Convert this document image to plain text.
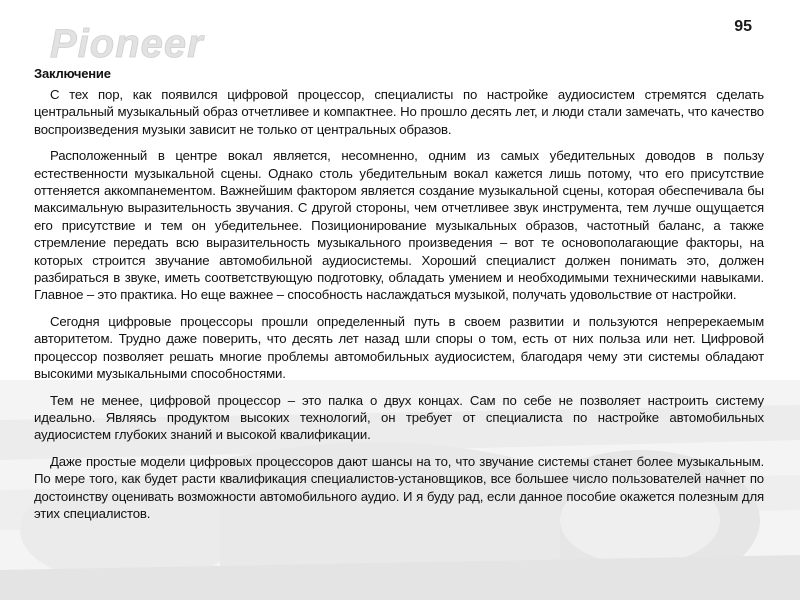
Pioneer	95
Заключение

С тех пор, как появился цифровой процессор, специалисты по настройке аудиосистем стремятся сделать центральный музыкальный образ отчетливее и компактнее. Но прошло десять лет, и люди стали замечать, что качество воспроизведения музыки зависит не только от центральных образов.

Расположенный в центре вокал является, несомненно, одним из самых убедительных доводов в пользу естественности музыкальной сцены. Однако столь убедительным вокал кажется лишь потому, что его присутствие оттеняется аккомпанементом. Важнейшим фактором является создание музыкальной сцены, которая обеспечивала бы максимальную выразительность звучания. С другой стороны, чем отчетливее звук инструмента, тем лучше ощущается его присутствие и тем он убедительнее. Позиционирование музыкальных образов, частотный баланс, а также стремление передать всю выразительность музыкального произведения – вот те основополагающие факторы, на которых строится звучание автомобильной аудиосистемы. Хороший специалист должен понимать это, должен разбираться в звуке, иметь соответствующую подготовку, обладать умением и необходимыми техническими навыками. Главное – это практика. Но еще важнее – способность наслаждаться музыкой, получать удовольствие от настройки.

Сегодня цифровые процессоры прошли определенный путь в своем развитии и пользуются непререкаемым авторитетом. Трудно даже поверить, что десять лет назад шли споры о том, есть от них польза или нет. Цифровой процессор позволяет решать многие проблемы автомобильных аудиосистем, благодаря чему эти системы обладают высокими музыкальными способностями.

Тем не менее, цифровой процессор – это палка о двух концах. Сам по себе не позволяет настроить систему идеально. Являясь продуктом высоких технологий, он требует от специалиста по настройке автомобильных аудиосистем глубоких знаний и высокой квалификации.

Даже простые модели цифровых процессоров дают шансы на то, что звучание системы станет более музыкальным. По мере того, как будет расти квалификация специалистов-установщиков, все большее число пользователей начнет по достоинству оценивать возможности автомобильного аудио. И я буду рад, если данное пособие окажется полезным для этих специалистов.
